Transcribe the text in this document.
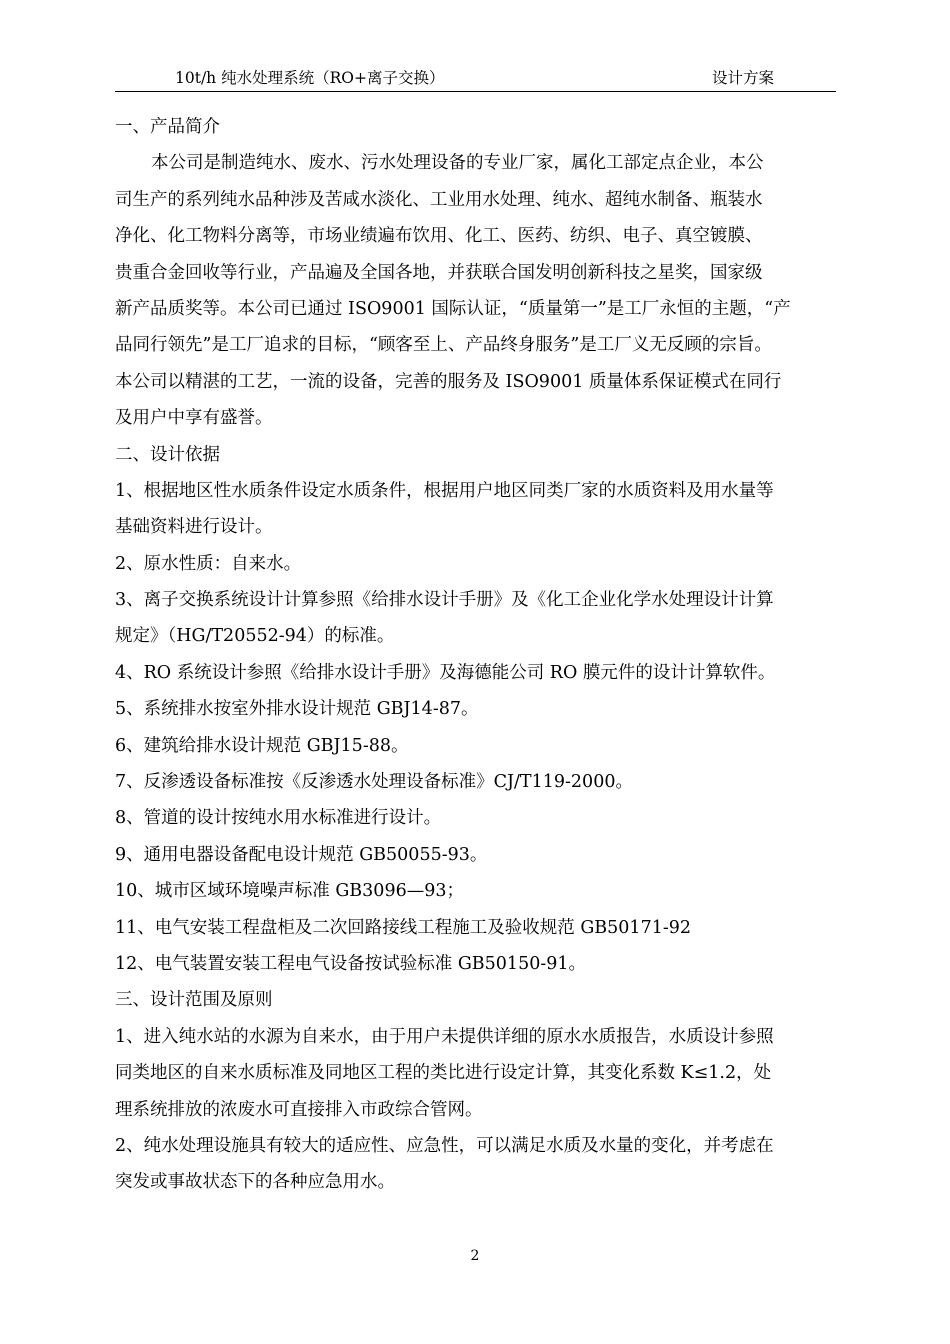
10t/h 纯水处理系统（RO+离子交换）	设计方案
一、产品简介
本公司是制造纯水、废水、污水处理设备的专业厂家，属化工部定点企业，本公
司生产的系列纯水品种涉及苦咸水淡化、工业用水处理、纯水、超纯水制备、瓶装水
净化、化工物料分离等，市场业绩遍布饮用、化工、医药、纺织、电子、真空镀膜、
贵重合金回收等行业，产品遍及全国各地，并获联合国发明创新科技之星奖，国家级
新产品质奖等。本公司已通过 ISO9001 国际认证，“质量第一”是工厂永恒的主题，“产
品同行领先”是工厂追求的目标，“顾客至上、产品终身服务”是工厂义无反顾的宗旨。
本公司以精湛的工艺，一流的设备，完善的服务及 ISO9001 质量体系保证模式在同行
及用户中享有盛誉。
二、设计依据
1、根据地区性水质条件设定水质条件，根据用户地区同类厂家的水质资料及用水量等
基础资料进行设计。
2、原水性质：自来水。
3、离子交换系统设计计算参照《给排水设计手册》及《化工企业化学水处理设计计算
规定》（HG/T20552-94）的标准。
4、RO 系统设计参照《给排水设计手册》及海德能公司 RO 膜元件的设计计算软件。
5、系统排水按室外排水设计规范 GBJ14-87。
6、建筑给排水设计规范 GBJ15-88。
7、反渗透设备标准按《反渗透水处理设备标准》CJ/T119-2000。
8、管道的设计按纯水用水标准进行设计。
9、通用电器设备配电设计规范 GB50055-93。
10、城市区域环境噪声标准 GB3096—93；
11、电气安装工程盘柜及二次回路接线工程施工及验收规范 GB50171-92
12、电气装置安装工程电气设备按试验标准 GB50150-91。
三、设计范围及原则
1、进入纯水站的水源为自来水，由于用户未提供详细的原水水质报告，水质设计参照
同类地区的自来水质标准及同地区工程的类比进行设定计算，其变化系数 K≤1.2，处
理系统排放的浓废水可直接排入市政综合管网。
2、纯水处理设施具有较大的适应性、应急性，可以满足水质及水量的变化，并考虑在
突发或事故状态下的各种应急用水。
2
